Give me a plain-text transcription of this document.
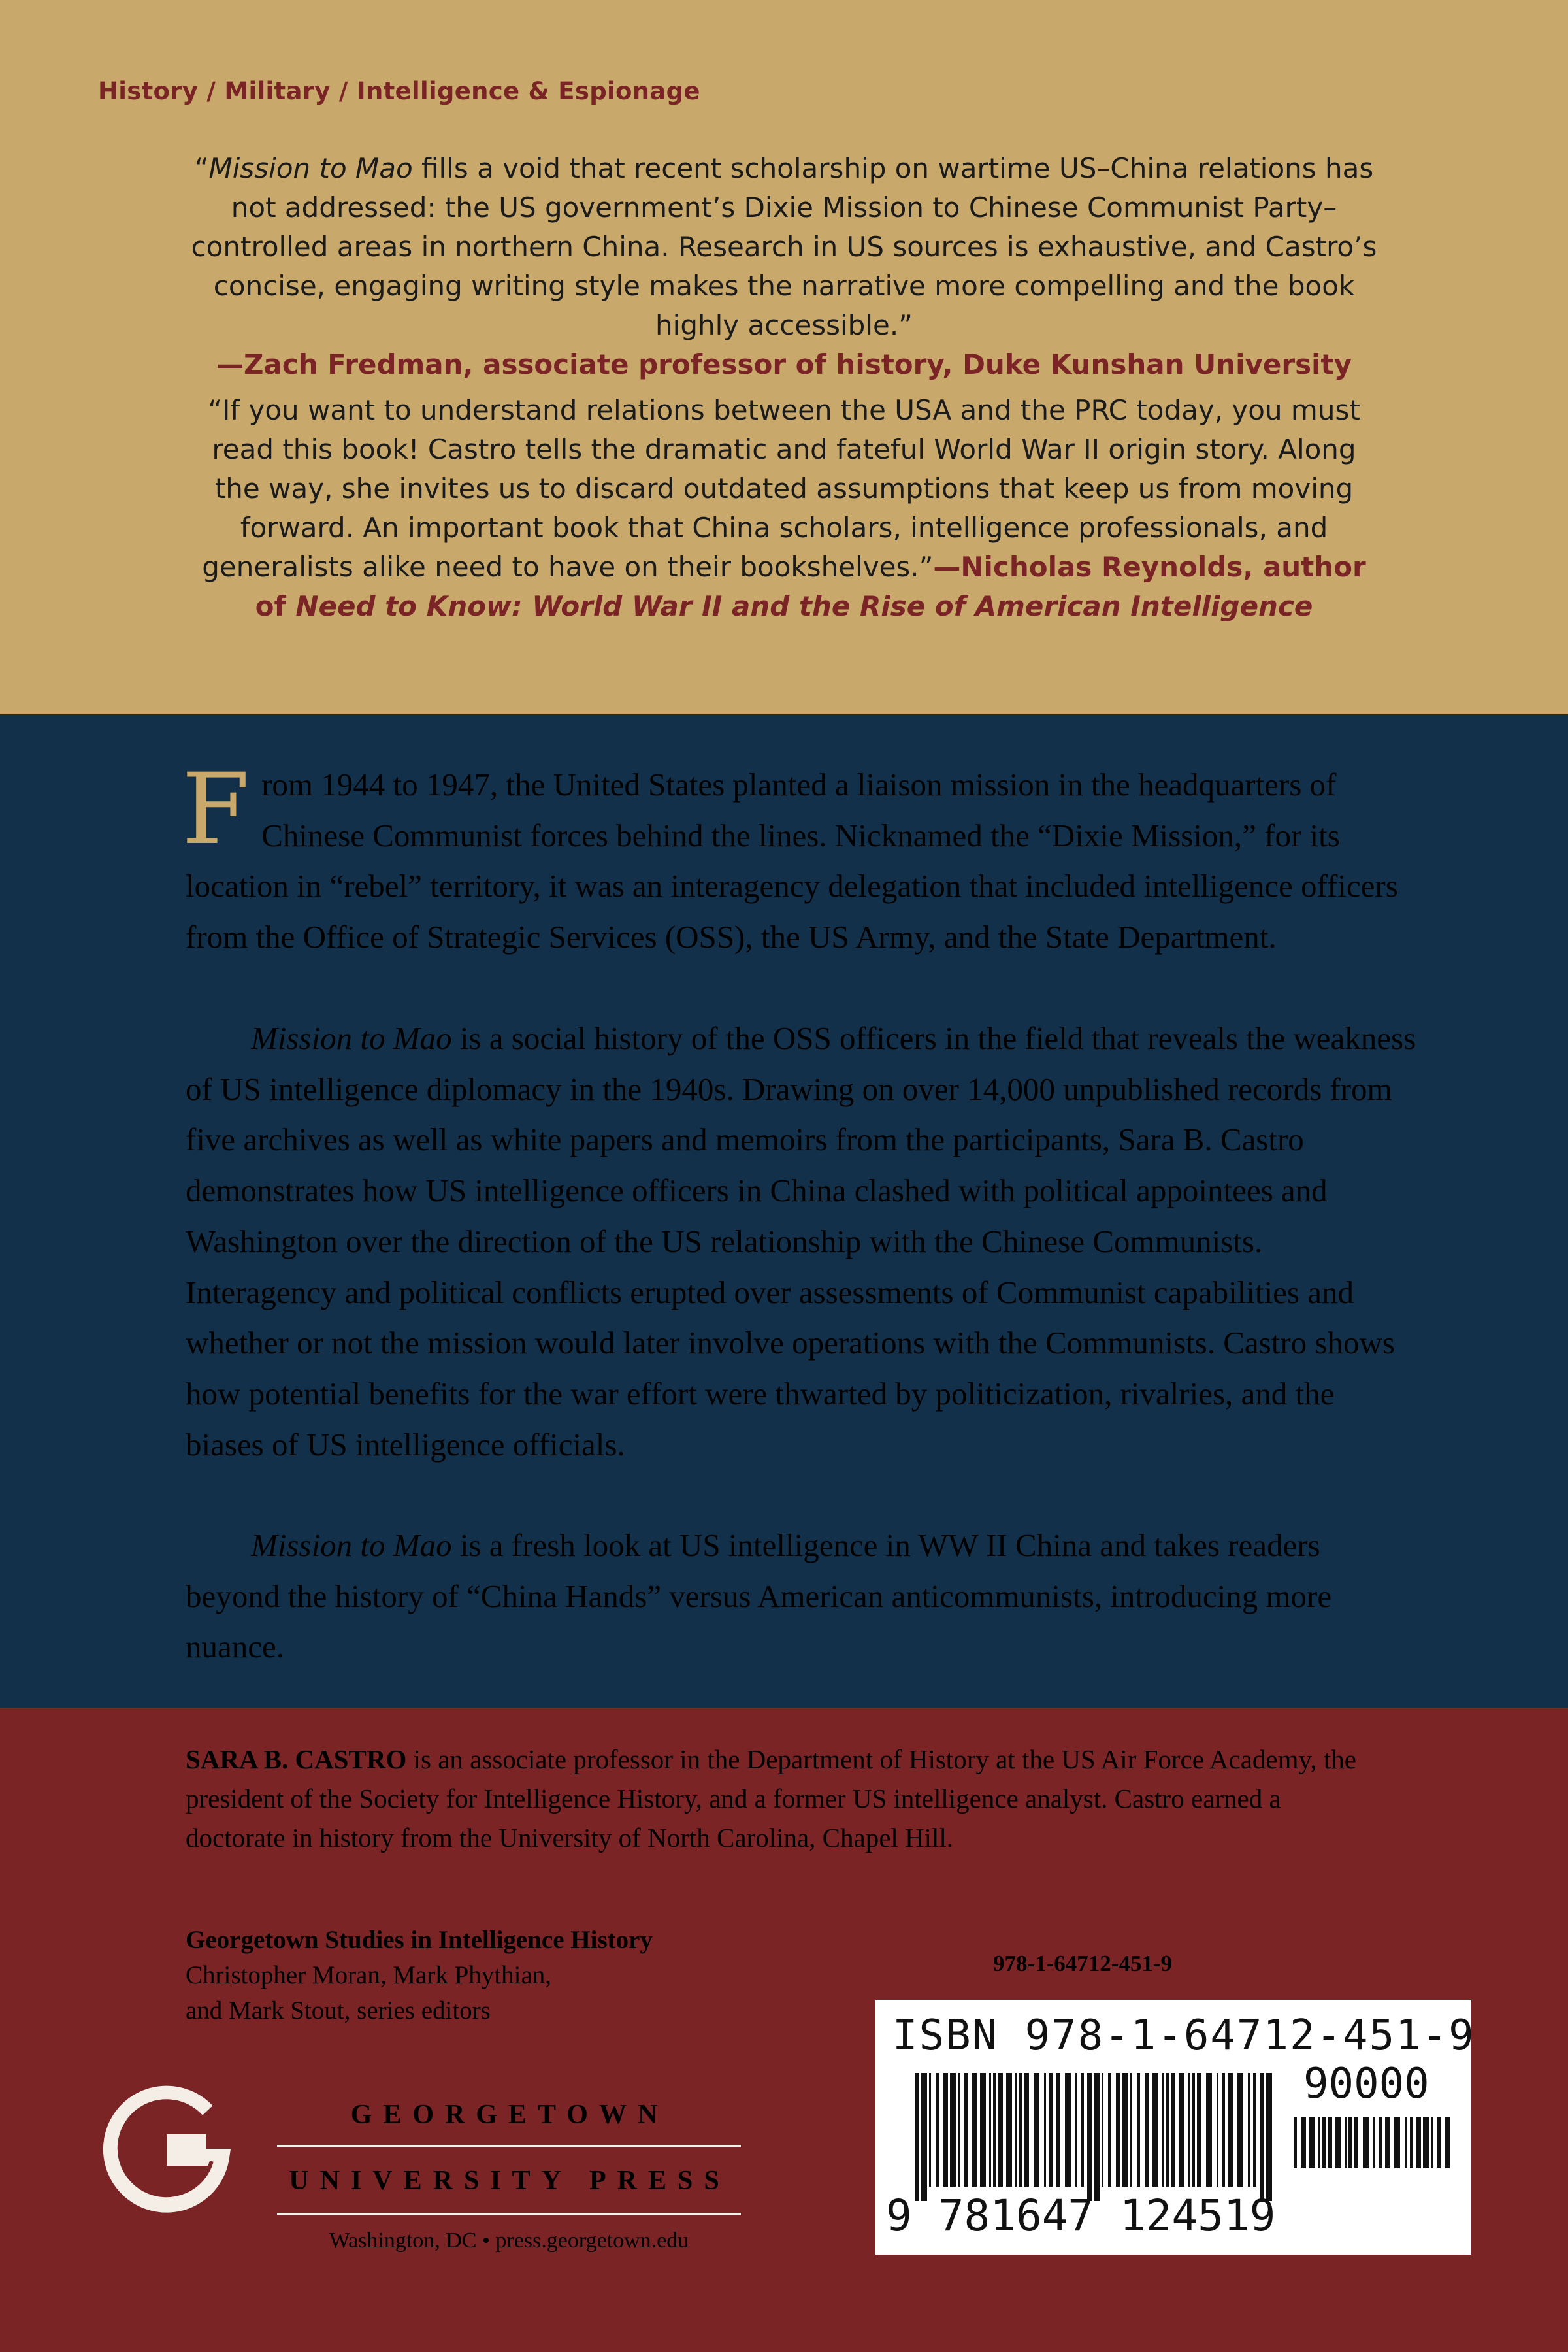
History / Military / Intelligence & Espionage
“Mission to Mao fills a void that recent scholarship on wartime US–China relations has not addressed: the US government’s Dixie Mission to Chinese Communist Party–controlled areas in northern China. Research in US sources is exhaustive, and Castro’s concise, engaging writing style makes the narrative more compelling and the book highly accessible.”
—Zach Fredman, associate professor of history, Duke Kunshan University
“If you want to understand relations between the USA and the PRC today, you must read this book! Castro tells the dramatic and fateful World War II origin story. Along the way, she invites us to discard outdated assumptions that keep us from moving forward. An important book that China scholars, intelligence professionals, and generalists alike need to have on their bookshelves.”—Nicholas Reynolds, author of Need to Know: World War II and the Rise of American Intelligence
From 1944 to 1947, the United States planted a liaison mission in the headquarters of Chinese Communist forces behind the lines. Nicknamed the “Dixie Mission,” for its location in “rebel” territory, it was an interagency delegation that included intelligence officers from the Office of Strategic Services (OSS), the US Army, and the State Department.
Mission to Mao is a social history of the OSS officers in the field that reveals the weakness of US intelligence diplomacy in the 1940s. Drawing on over 14,000 unpublished records from five archives as well as white papers and memoirs from the participants, Sara B. Castro demonstrates how US intelligence officers in China clashed with political appointees and Washington over the direction of the US relationship with the Chinese Communists. Interagency and political conflicts erupted over assessments of Communist capabilities and whether or not the mission would later involve operations with the Communists. Castro shows how potential benefits for the war effort were thwarted by politicization, rivalries, and the biases of US intelligence officials.
Mission to Mao is a fresh look at US intelligence in WW II China and takes readers beyond the history of “China Hands” versus American anticommunists, introducing more nuance.
SARA B. CASTRO is an associate professor in the Department of History at the US Air Force Academy, the president of the Society for Intelligence History, and a former US intelligence analyst. Castro earned a doctorate in history from the University of North Carolina, Chapel Hill.
Georgetown Studies in Intelligence History
Christopher Moran, Mark Phythian,
and Mark Stout, series editors
978-1-64712-451-9
G
GEORGETOWN
UNIVERSITY PRESS
Washington, DC • press.georgetown.edu
ISBN 978-1-64712-451-9
90000
9 781647 124519
